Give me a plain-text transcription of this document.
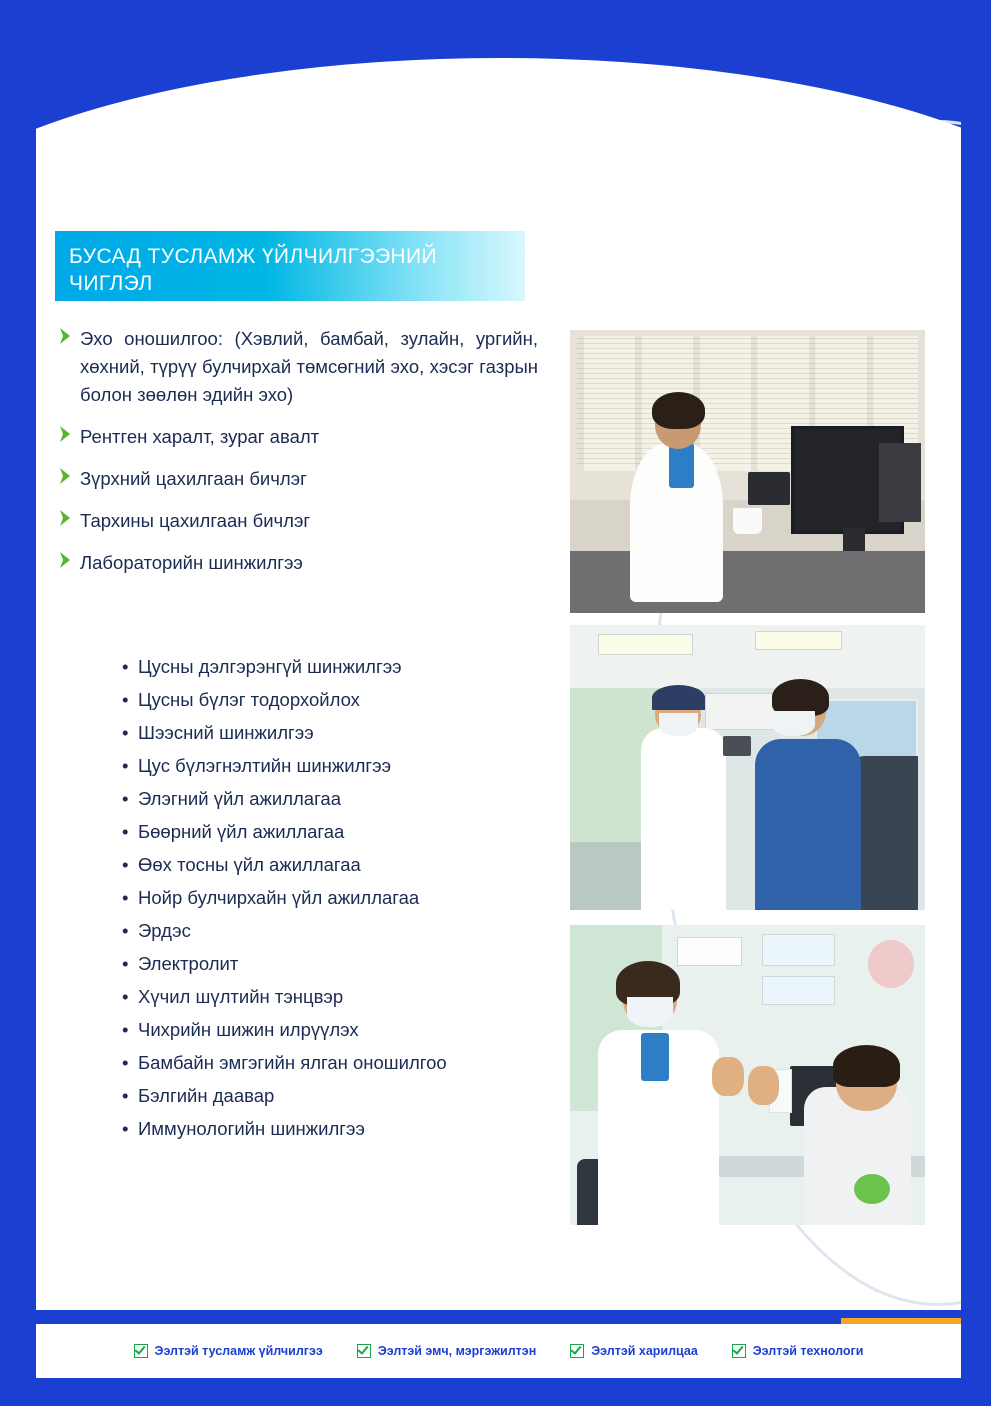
БУСАД ТУСЛАМЖ ҮЙЛЧИЛГЭЭНИЙ ЧИГЛЭЛ
Эхо оношилгоо: (Хэвлий, бамбай, зулайн, ургийн, хөхний, түрүү булчирхай төмсөгний эхо, хэсэг газрын болон зөөлөн эдийн эхо)
Рентген харалт, зураг авалт
Зүрхний цахилгаан бичлэг
Тархины цахилгаан бичлэг
Лабораторийн шинжилгээ
• Цусны дэлгэрэнгүй шинжилгээ
• Цусны бүлэг тодорхойлох
• Шээсний шинжилгээ
• Цус бүлэгнэлтийн шинжилгээ
• Элэгний үйл ажиллагаа
• Бөөрний үйл ажиллагаа
• Өөх тосны үйл ажиллагаа
• Нойр булчирхайн үйл ажиллагаа
• Эрдэс
• Электролит
• Хүчил шүлтийн тэнцвэр
• Чихрийн шижин илрүүлэх
• Бамбайн эмгэгийн ялган оношилгоо
• Бэлгийн даавар
• Иммунологийн шинжилгээ
Ээлтэй тусламж үйлчилгээ	Ээлтэй эмч, мэргэжилтэн	Ээлтэй харилцаа	Ээлтэй технологи
